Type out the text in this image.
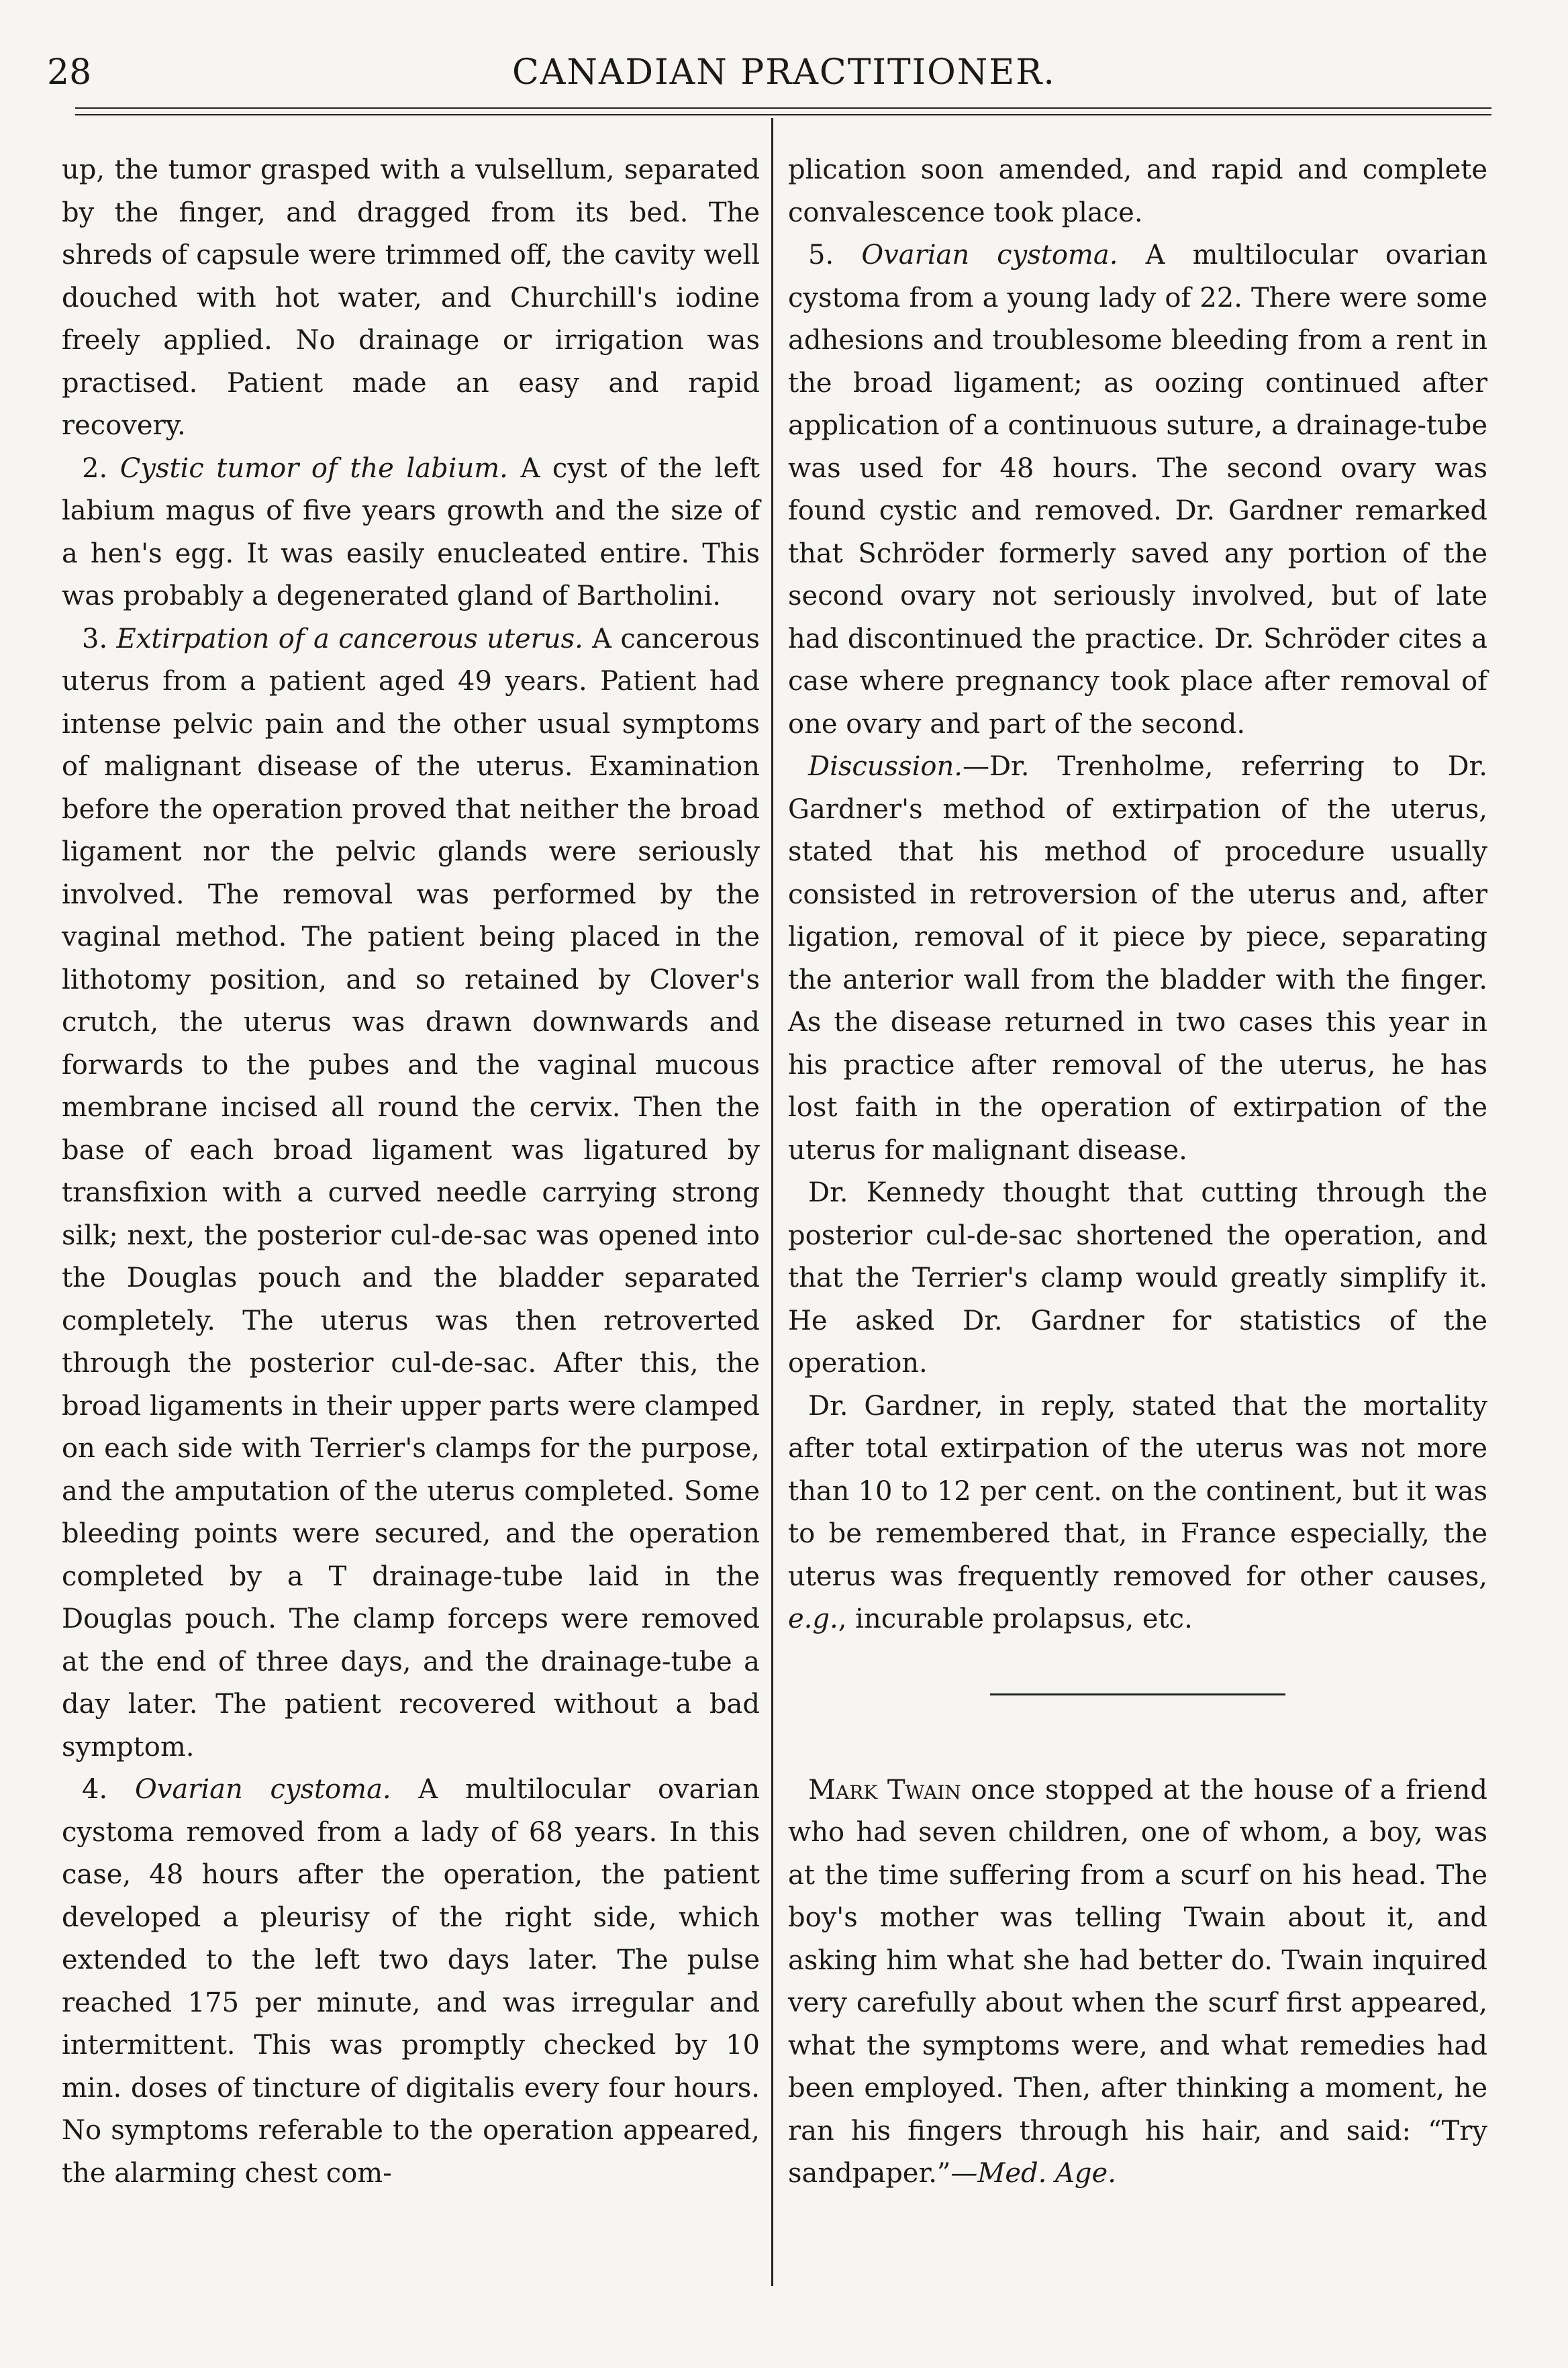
28	CANADIAN PRACTITIONER.

up, the tumor grasped with a vulsellum, separated by the finger, and dragged from its bed. The shreds of capsule were trimmed off, the cavity well douched with hot water, and Churchill's iodine freely applied. No drainage or irrigation was practised. Patient made an easy and rapid recovery.

2. Cystic tumor of the labium. A cyst of the left labium magus of five years growth and the size of a hen's egg. It was easily enucleated entire. This was probably a degenerated gland of Bartholini.

3. Extirpation of a cancerous uterus. A cancerous uterus from a patient aged 49 years. Patient had intense pelvic pain and the other usual symptoms of malignant disease of the uterus. Examination before the operation proved that neither the broad ligament nor the pelvic glands were seriously involved. The removal was performed by the vaginal method. The patient being placed in the lithotomy position, and so retained by Clover's crutch, the uterus was drawn downwards and forwards to the pubes and the vaginal mucous membrane incised all round the cervix. Then the base of each broad ligament was ligatured by transfixion with a curved needle carrying strong silk; next, the posterior cul-de-sac was opened into the Douglas pouch and the bladder separated completely. The uterus was then retroverted through the posterior cul-de-sac. After this, the broad ligaments in their upper parts were clamped on each side with Terrier's clamps for the purpose, and the amputation of the uterus completed. Some bleeding points were secured, and the operation completed by a T drainage-tube laid in the Douglas pouch. The clamp forceps were removed at the end of three days, and the drainage-tube a day later. The patient recovered without a bad symptom.

4. Ovarian cystoma. A multilocular ovarian cystoma removed from a lady of 68 years. In this case, 48 hours after the operation, the patient developed a pleurisy of the right side, which extended to the left two days later. The pulse reached 175 per minute, and was irregular and intermittent. This was promptly checked by 10 min. doses of tincture of digitalis every four hours. No symptoms referable to the operation appeared, the alarming chest com-

plication soon amended, and rapid and complete convalescence took place.

5. Ovarian cystoma. A multilocular ovarian cystoma from a young lady of 22. There were some adhesions and troublesome bleeding from a rent in the broad ligament; as oozing continued after application of a continuous suture, a drainage-tube was used for 48 hours. The second ovary was found cystic and removed. Dr. Gardner remarked that Schröder formerly saved any portion of the second ovary not seriously involved, but of late had discontinued the practice. Dr. Schröder cites a case where pregnancy took place after removal of one ovary and part of the second.

Discussion.—Dr. Trenholme, referring to Dr. Gardner's method of extirpation of the uterus, stated that his method of procedure usually consisted in retroversion of the uterus and, after ligation, removal of it piece by piece, separating the anterior wall from the bladder with the finger. As the disease returned in two cases this year in his practice after removal of the uterus, he has lost faith in the operation of extirpation of the uterus for malignant disease.

Dr. Kennedy thought that cutting through the posterior cul-de-sac shortened the operation, and that the Terrier's clamp would greatly simplify it. He asked Dr. Gardner for statistics of the operation.

Dr. Gardner, in reply, stated that the mortality after total extirpation of the uterus was not more than 10 to 12 per cent. on the continent, but it was to be remembered that, in France especially, the uterus was frequently removed for other causes, e.g., incurable prolapsus, etc.

Mark Twain once stopped at the house of a friend who had seven children, one of whom, a boy, was at the time suffering from a scurf on his head. The boy's mother was telling Twain about it, and asking him what she had better do. Twain inquired very carefully about when the scurf first appeared, what the symptoms were, and what remedies had been employed. Then, after thinking a moment, he ran his fingers through his hair, and said: “Try sandpaper.”—Med. Age.
